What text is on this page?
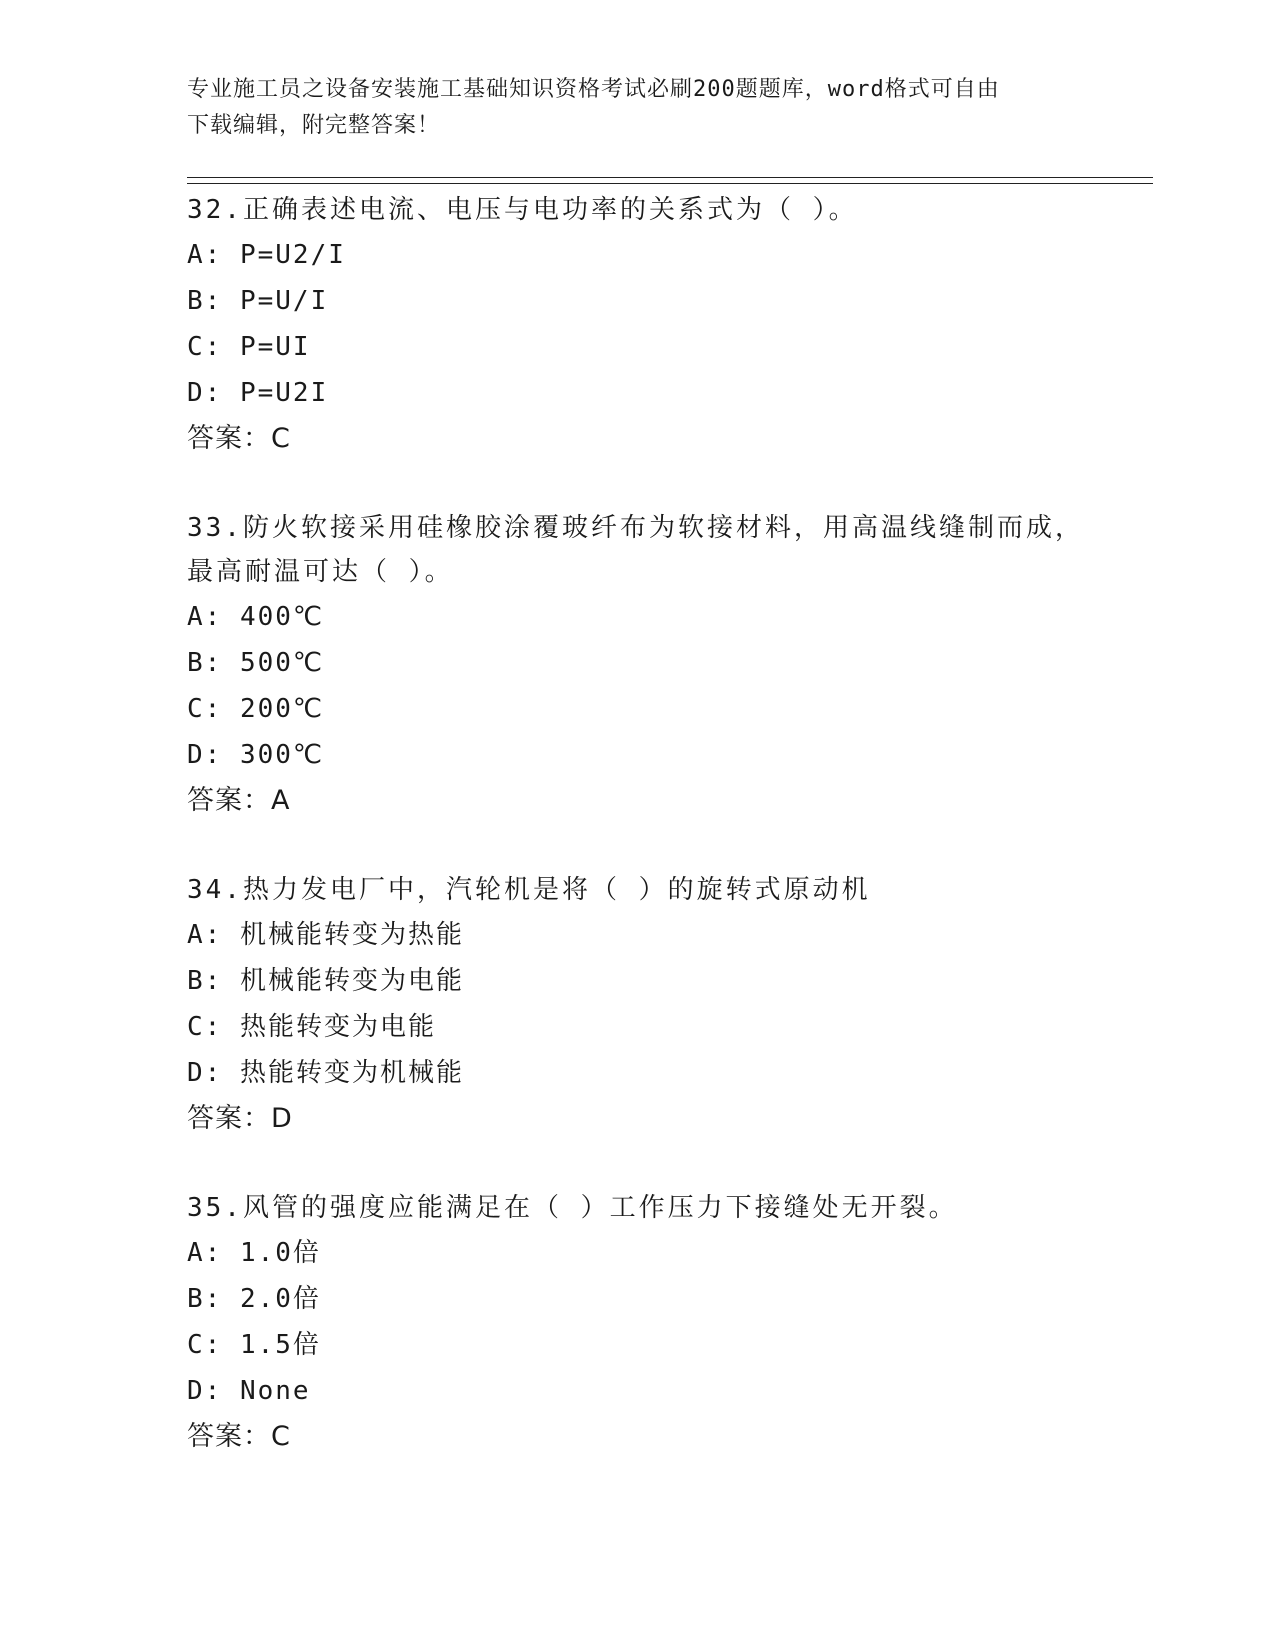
专业施工员之设备安装施工基础知识资格考试必刷200题题库，word格式可自由
下载编辑，附完整答案！

32.正确表述电流、电压与电功率的关系式为（ ）。

A: P=U2/I

B: P=U/I

C: P=UI

D: P=U2I

答案：C

33.防火软接采用硅橡胶涂覆玻纤布为软接材料，用高温线缝制而成，

最高耐温可达（ ）。

A: 400℃

B: 500℃

C: 200℃

D: 300℃

答案：A

34.热力发电厂中，汽轮机是将（ ）的旋转式原动机

A: 机械能转变为热能

B: 机械能转变为电能

C: 热能转变为电能

D: 热能转变为机械能

答案：D

35.风管的强度应能满足在（ ）工作压力下接缝处无开裂。

A: 1.0倍

B: 2.0倍

C: 1.5倍

D: None

答案：C
